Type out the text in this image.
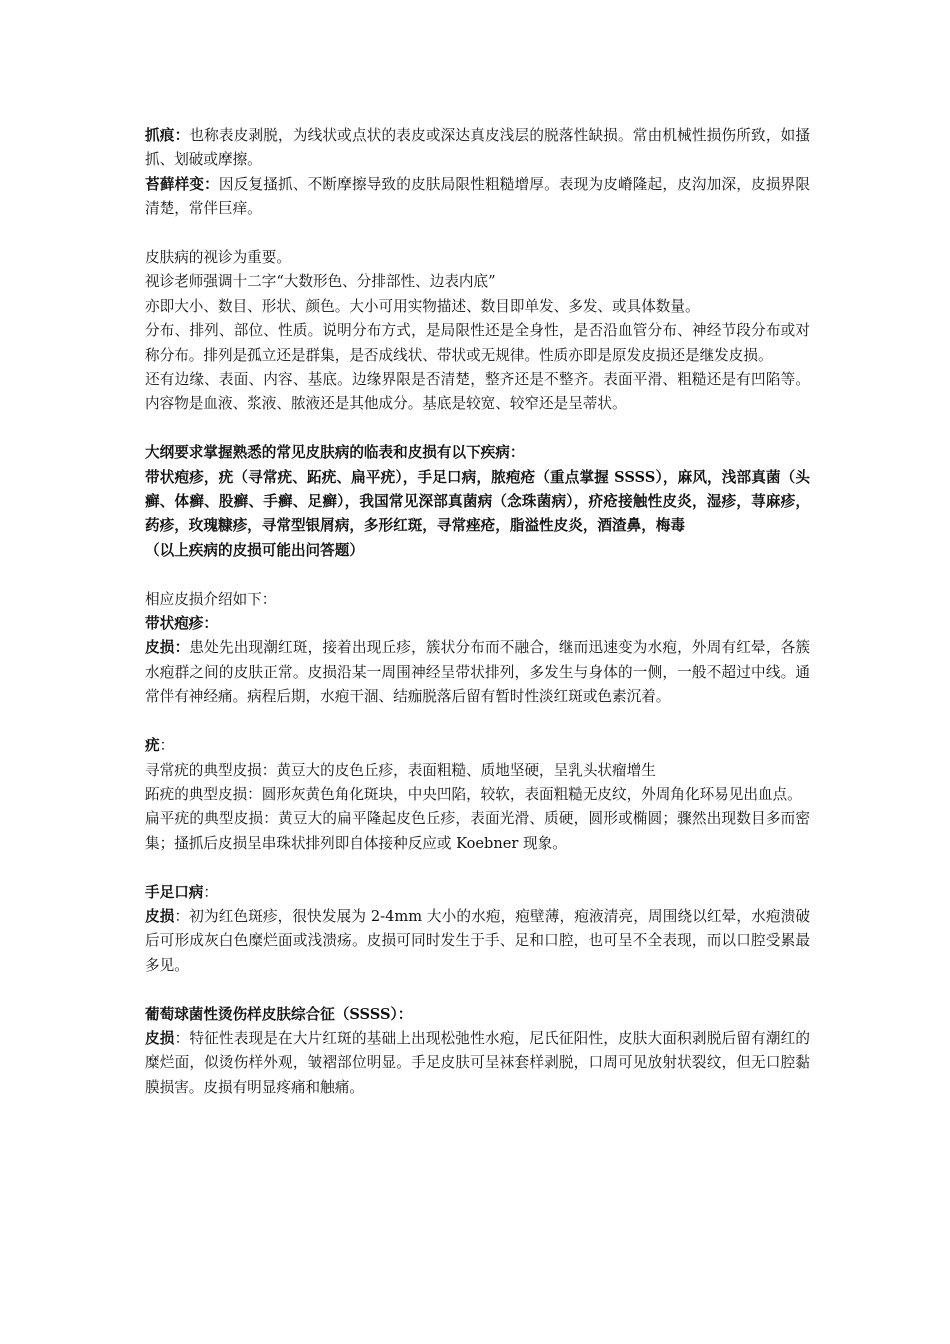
抓痕：也称表皮剥脱，为线状或点状的表皮或深达真皮浅层的脱落性缺损。常由机械性损伤所致，如搔抓、划破或摩擦。

苔藓样变：因反复搔抓、不断摩擦导致的皮肤局限性粗糙增厚。表现为皮嵴隆起，皮沟加深，皮损界限清楚，常伴巨痒。

皮肤病的视诊为重要。

视诊老师强调十二字“大数形色、分排部性、边表内底”

亦即大小、数目、形状、颜色。大小可用实物描述、数目即单发、多发、或具体数量。

分布、排列、部位、性质。说明分布方式，是局限性还是全身性，是否沿血管分布、神经节段分布或对称分布。排列是孤立还是群集，是否成线状、带状或无规律。性质亦即是原发皮损还是继发皮损。

还有边缘、表面、内容、基底。边缘界限是否清楚，整齐还是不整齐。表面平滑、粗糙还是有凹陷等。内容物是血液、浆液、脓液还是其他成分。基底是较宽、较窄还是呈蒂状。

大纲要求掌握熟悉的常见皮肤病的临表和皮损有以下疾病：

带状疱疹，疣（寻常疣、跖疣、扁平疣），手足口病，脓疱疮（重点掌握 SSSS），麻风，浅部真菌（头癣、体癣、股癣、手癣、足癣），我国常见深部真菌病（念珠菌病），疥疮接触性皮炎，湿疹，荨麻疹，药疹，玫瑰糠疹，寻常型银屑病，多形红斑，寻常痤疮，脂溢性皮炎，酒渣鼻，梅毒

（以上疾病的皮损可能出问答题）

相应皮损介绍如下：

带状疱疹：

皮损：患处先出现潮红斑，接着出现丘疹，簇状分布而不融合，继而迅速变为水疱，外周有红晕，各簇水疱群之间的皮肤正常。皮损沿某一周围神经呈带状排列，多发生与身体的一侧，一般不超过中线。通常伴有神经痛。病程后期，水疱干涸、结痂脱落后留有暂时性淡红斑或色素沉着。

疣：

寻常疣的典型皮损：黄豆大的皮色丘疹，表面粗糙、质地坚硬，呈乳头状瘤增生

跖疣的典型皮损：圆形灰黄色角化斑块，中央凹陷，较软，表面粗糙无皮纹，外周角化环易见出血点。

扁平疣的典型皮损：黄豆大的扁平隆起皮色丘疹，表面光滑、质硬，圆形或椭圆；骤然出现数目多而密集；搔抓后皮损呈串珠状排列即自体接种反应或 Koebner 现象。

手足口病：

皮损：初为红色斑疹，很快发展为 2-4mm 大小的水疱，疱壁薄，疱液清亮，周围绕以红晕，水疱溃破后可形成灰白色糜烂面或浅溃疡。皮损可同时发生于手、足和口腔，也可呈不全表现，而以口腔受累最多见。

葡萄球菌性烫伤样皮肤综合征（SSSS）：

皮损：特征性表现是在大片红斑的基础上出现松弛性水疱，尼氏征阳性，皮肤大面积剥脱后留有潮红的糜烂面，似烫伤样外观，皱褶部位明显。手足皮肤可呈袜套样剥脱，口周可见放射状裂纹，但无口腔黏膜损害。皮损有明显疼痛和触痛。
